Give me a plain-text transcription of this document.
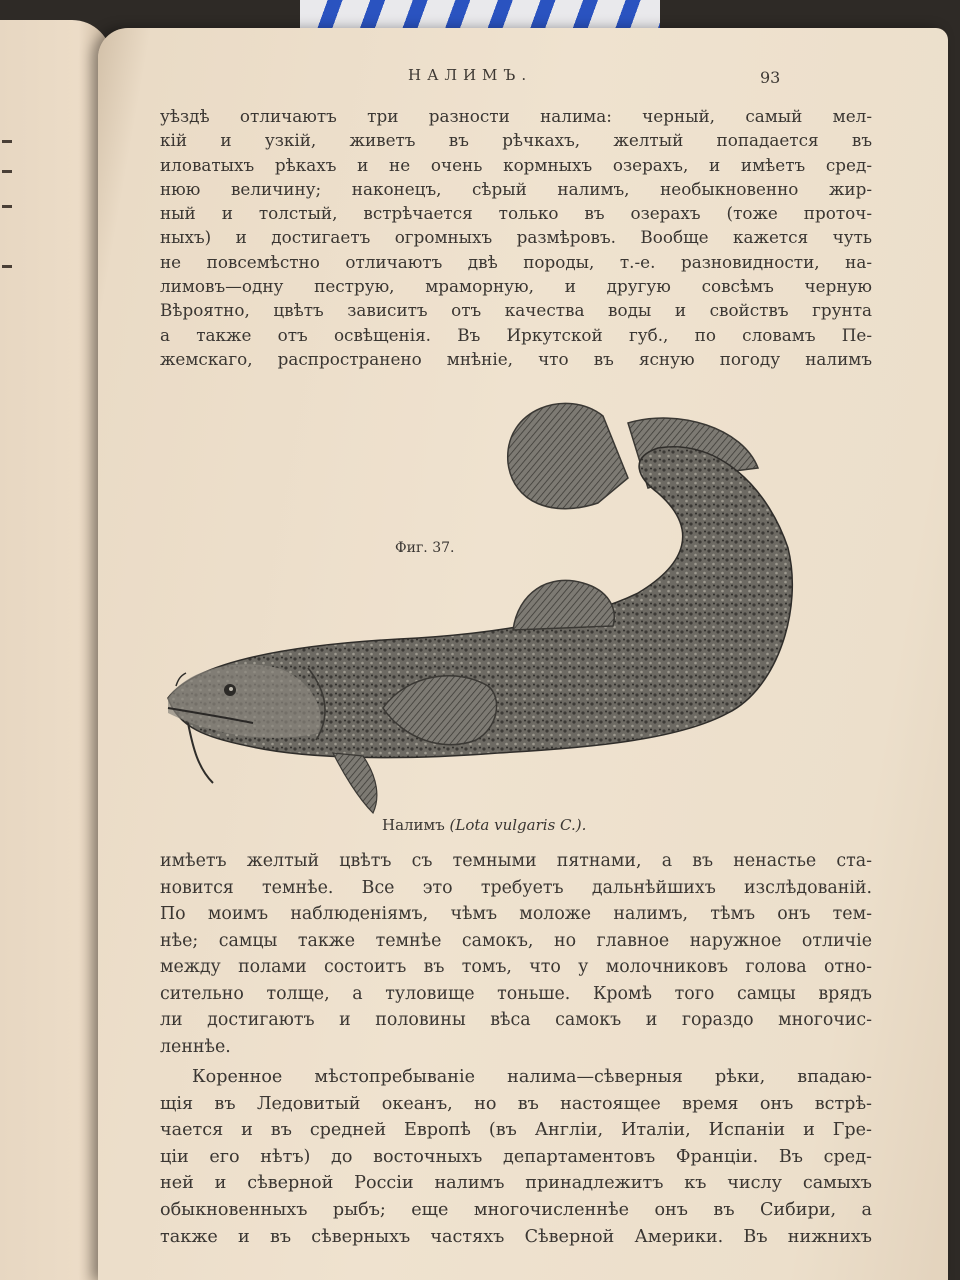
НАЛИМЪ.	93
уѣздѣ отличаютъ три разности налима: черный, самый мел-
кій и узкій, живетъ въ рѣчкахъ, желтый попадается въ
иловатыхъ рѣкахъ и не очень кормныхъ озерахъ, и имѣетъ сред-
нюю величину; наконецъ, сѣрый налимъ, необыкновенно жир-
ный и толстый, встрѣчается только въ озерахъ (тоже проточ-
ныхъ) и достигаетъ огромныхъ размѣровъ. Вообще кажется чуть
не повсемѣстно отличаютъ двѣ породы, т.-е. разновидности, на-
лимовъ—одну пеструю, мраморную, и другую совсѣмъ черную
Вѣроятно, цвѣтъ зависитъ отъ качества воды и свойствъ грунта
а также отъ освѣщенія. Въ Иркутской губ., по словамъ Пе-
жемскаго, распространено мнѣніе, что въ ясную погоду налимъ
Фиг. 37.
Налимъ (Lota vulgaris C.).
имѣетъ желтый цвѣтъ съ темными пятнами, а въ ненастье ста-
новится темнѣе. Все это требуетъ дальнѣйшихъ изслѣдованій.
По моимъ наблюденіямъ, чѣмъ моложе налимъ, тѣмъ онъ тем-
нѣе; самцы также темнѣе самокъ, но главное наружное отличіе
между полами состоитъ въ томъ, что у молочниковъ голова отно-
сительно толще, а туловище тоньше. Кромѣ того самцы врядъ
ли достигаютъ и половины вѣса самокъ и гораздо многочис-
леннѣе.
Коренное мѣстопребываніе налима—сѣверныя рѣки, впадаю-
щія въ Ледовитый океанъ, но въ настоящее время онъ встрѣ-
чается и въ средней Европѣ (въ Англіи, Италіи, Испаніи и Гре-
ціи его нѣтъ) до восточныхъ департаментовъ Франціи. Въ сред-
ней и сѣверной Россіи налимъ принадлежитъ къ числу самыхъ
обыкновенныхъ рыбъ; еще многочисленнѣе онъ въ Сибири, а
также и въ сѣверныхъ частяхъ Сѣверной Америки. Въ нижнихъ
